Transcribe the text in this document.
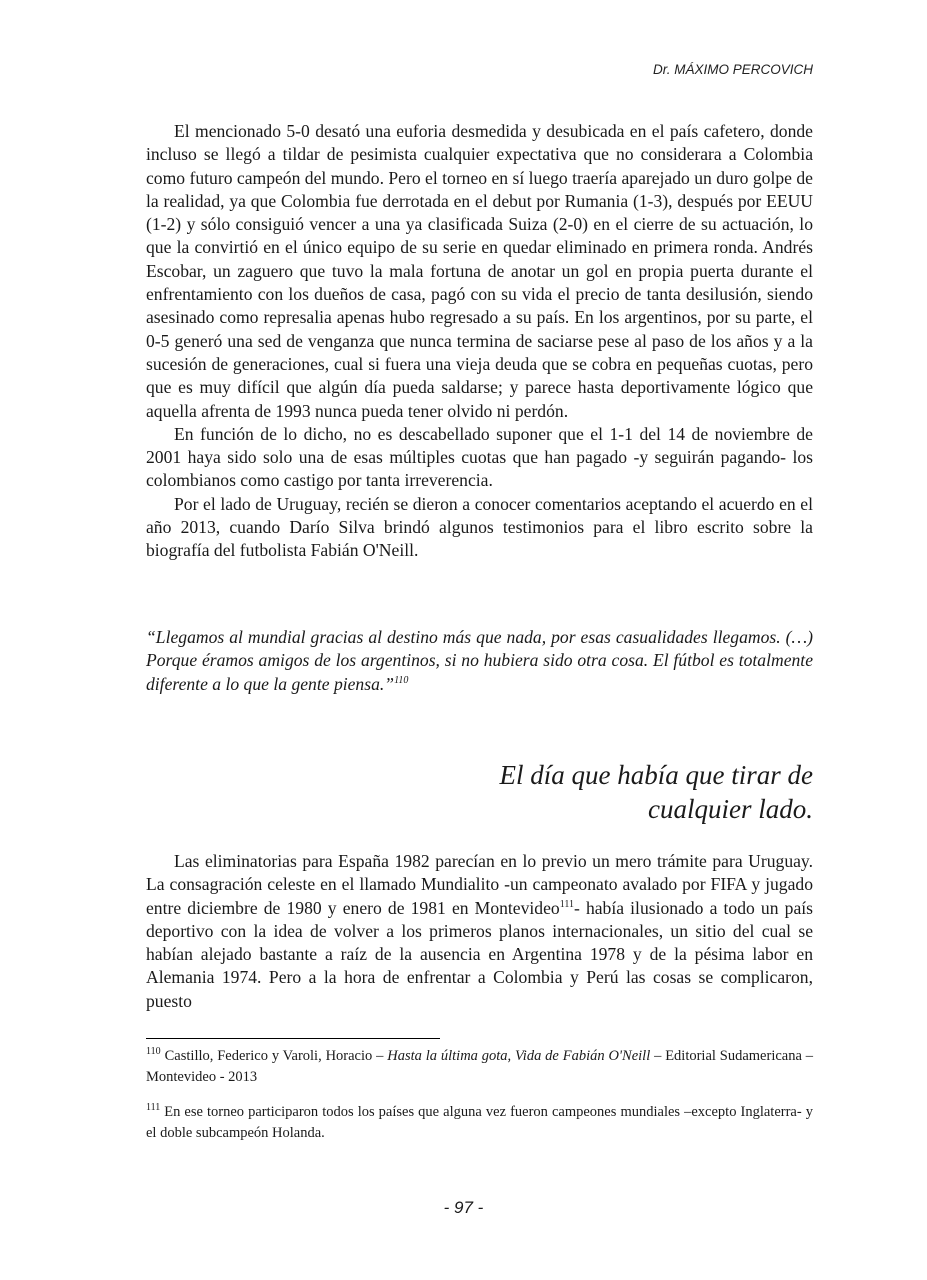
Dr. MÁXIMO PERCOVICH

El mencionado 5-0 desató una euforia desmedida y desubicada en el país cafetero, donde incluso se llegó a tildar de pesimista cualquier expectativa que no considerara a Colombia como futuro campeón del mundo. Pero el torneo en sí luego traería aparejado un duro golpe de la realidad, ya que Colombia fue derrotada en el debut por Rumania (1-3), después por EEUU (1-2) y sólo consiguió vencer a una ya clasificada Suiza (2-0) en el cierre de su actuación, lo que la convirtió en el único equipo de su serie en quedar eliminado en primera ronda. Andrés Escobar, un zaguero que tuvo la mala fortuna de anotar un gol en propia puerta durante el enfrentamiento con los dueños de casa, pagó con su vida el precio de tanta desilusión, siendo asesinado como represalia apenas hubo regresado a su país. En los argentinos, por su parte, el 0-5 generó una sed de venganza que nunca termina de saciarse pese al paso de los años y a la sucesión de generaciones, cual si fuera una vieja deuda que se cobra en pequeñas cuotas, pero que es muy difícil que algún día pueda saldarse; y parece hasta deportivamente lógico que aquella afrenta de 1993 nunca pueda tener olvido ni perdón.

En función de lo dicho, no es descabellado suponer que el 1-1 del 14 de noviembre de 2001 haya sido solo una de esas múltiples cuotas que han pagado -y seguirán pagando- los colombianos como castigo por tanta irreverencia.

Por el lado de Uruguay, recién se dieron a conocer comentarios aceptando el acuerdo en el año 2013, cuando Darío Silva brindó algunos testimonios para el libro escrito sobre la biografía del futbolista Fabián O'Neill.

“Llegamos al mundial gracias al destino más que nada, por esas casualidades llegamos. (…) Porque éramos amigos de los argentinos, si no hubiera sido otra cosa. El fútbol es totalmente diferente a lo que la gente piensa.”$^{110}$

El día que había que tirar de
cualquier lado.

Las eliminatorias para España 1982 parecían en lo previo un mero trámite para Uruguay. La consagración celeste en el llamado Mundialito -un campeonato avalado por FIFA y jugado entre diciembre de 1980 y enero de 1981 en Montevideo$^{111}$- había ilusionado a todo un país deportivo con la idea de volver a los primeros planos internacionales, un sitio del cual se habían alejado bastante a raíz de la ausencia en Argentina 1978 y de la pésima labor en Alemania 1974. Pero a la hora de enfrentar a Colombia y Perú las cosas se complicaron, puesto

$^{110}$ Castillo, Federico y Varoli, Horacio – Hasta la última gota, Vida de Fabián O'Neill – Editorial Sudamericana – Montevideo - 2013

$^{111}$ En ese torneo participaron todos los países que alguna vez fueron campeones mundiales –excepto Inglaterra- y el doble subcampeón Holanda.

- 97 -
